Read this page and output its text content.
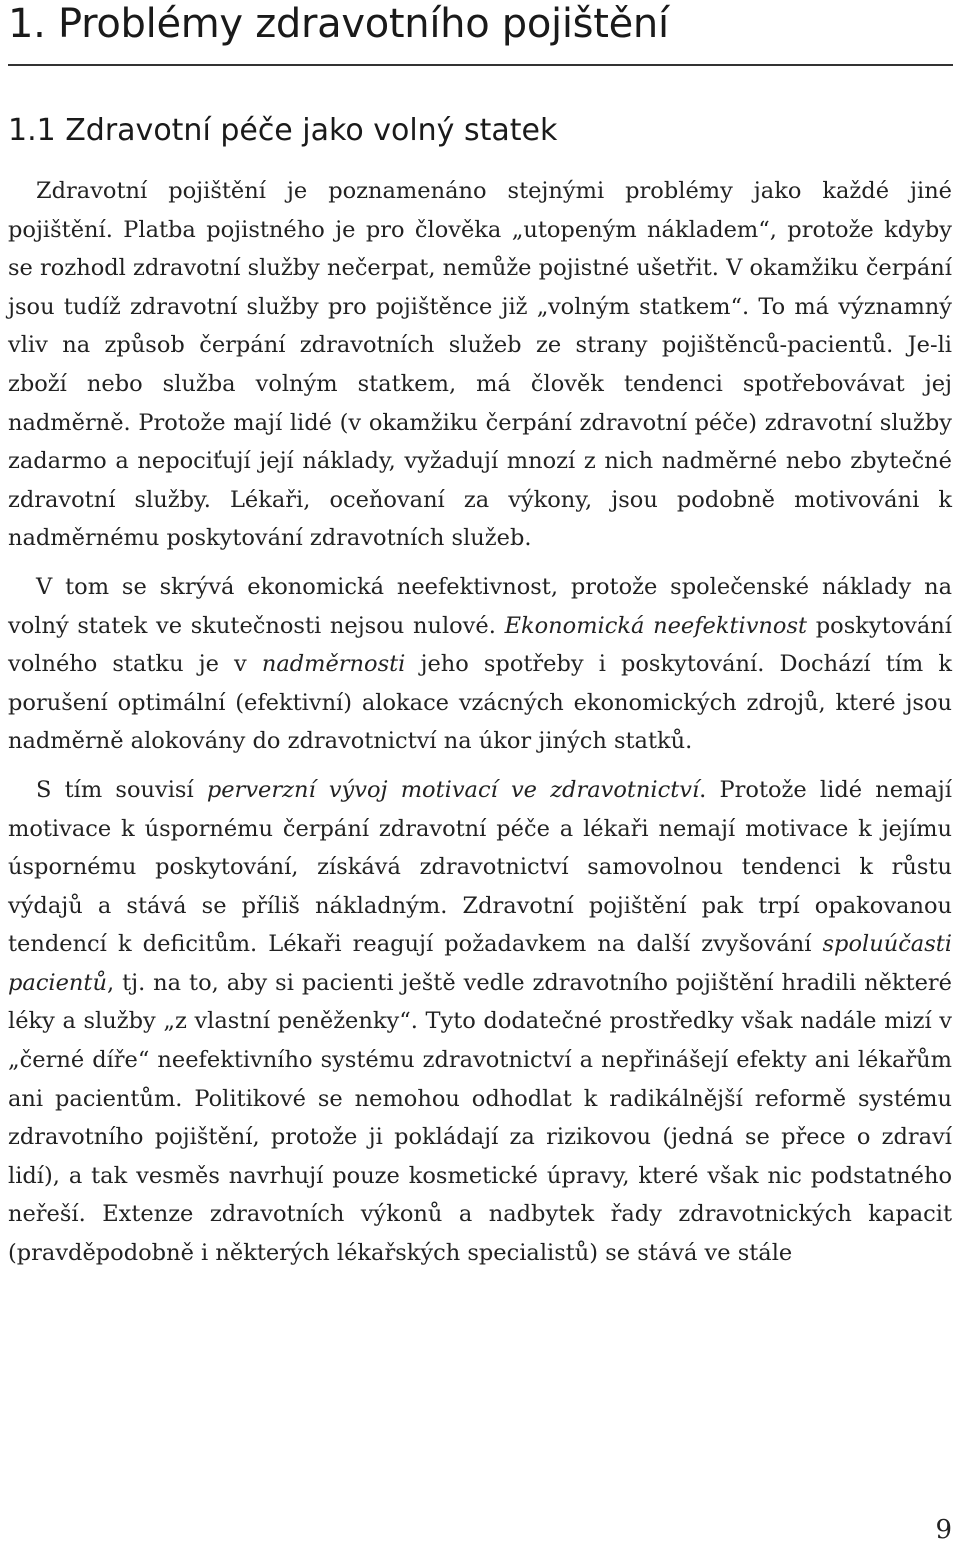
1. Problémy zdravotního pojištění
1.1 Zdravotní péče jako volný statek

Zdravotní pojištění je poznamenáno stejnými problémy jako každé jiné pojištění. Platba pojistného je pro člověka „utopeným nákladem“, protože kdyby se rozhodl zdravotní služby nečerpat, nemůže pojistné ušetřit. V okamžiku čerpání jsou tudíž zdravotní služby pro pojištěnce již „volným statkem“. To má významný vliv na způsob čerpání zdravotních služeb ze strany pojištěnců-pacientů. Je-li zboží nebo služba volným statkem, má člověk tendenci spotřebovávat jej nadměrně. Protože mají lidé (v okamžiku čerpání zdravotní péče) zdravotní služby zadarmo a nepociťují její náklady, vyžadují mnozí z nich nadměrné nebo zbytečné zdravotní služby. Lékaři, oceňovaní za výkony, jsou podobně motivováni k nadměrnému poskytování zdravotních služeb.

V tom se skrývá ekonomická neefektivnost, protože společenské náklady na volný statek ve skutečnosti nejsou nulové. Ekonomická neefektivnost poskytování volného statku je v nadměrnosti jeho spotřeby i poskytování. Dochází tím k porušení optimální (efektivní) alokace vzácných ekonomických zdrojů, které jsou nadměrně alokovány do zdravotnictví na úkor jiných statků.

S tím souvisí perverzní vývoj motivací ve zdravotnictví. Protože lidé nemají motivace k úspornému čerpání zdravotní péče a lékaři nemají motivace k jejímu úspornému poskytování, získává zdravotnictví samovolnou tendenci k růstu výdajů a stává se příliš nákladným. Zdravotní pojištění pak trpí opakovanou tendencí k deficitům. Lékaři reagují požadavkem na další zvyšování spoluúčasti pacientů, tj. na to, aby si pacienti ještě vedle zdravotního pojištění hradili některé léky a služby „z vlastní peněženky“. Tyto dodatečné prostředky však nadále mizí v „černé díře“ neefektivního systému zdravotnictví a nepřinášejí efekty ani lékařům ani pacientům. Politikové se nemohou odhodlat k radikálnější reformě systému zdravotního pojištění, protože ji pokládají za rizikovou (jedná se přece o zdraví lidí), a tak vesměs navrhují pouze kosmetické úpravy, které však nic podstatného neřeší. Extenze zdravotních výkonů a nadbytek řady zdravotnických kapacit (pravděpodobně i některých lékařských specialistů) se stává ve stále

9
